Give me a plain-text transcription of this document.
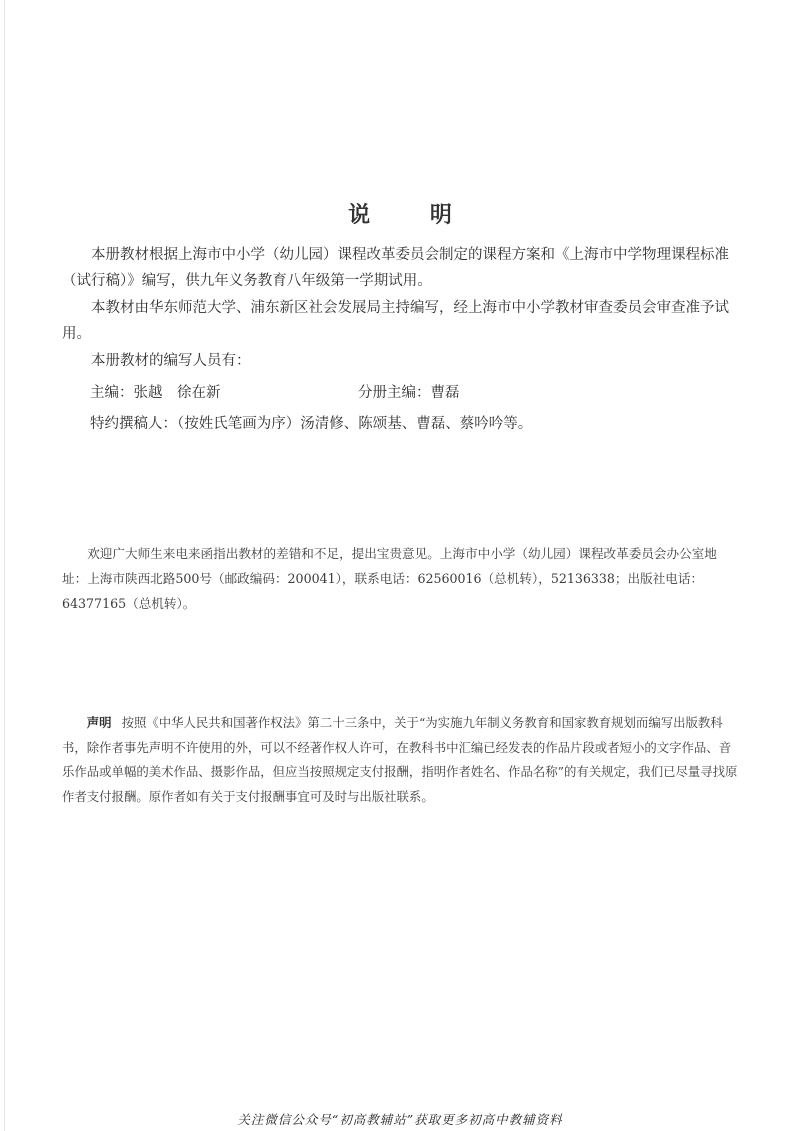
说 明

本册教材根据上海市中小学（幼儿园）课程改革委员会制定的课程方案和《上海市中学物理课程标准（试行稿）》编写，供九年义务教育八年级第一学期试用。

本教材由华东师范大学、浦东新区社会发展局主持编写，经上海市中小学教材审查委员会审查准予试用。

本册教材的编写人员有：

主编：张越　徐在新	分册主编：曹磊

特约撰稿人：（按姓氏笔画为序）汤清修、陈颂基、曹磊、蔡吟吟等。

欢迎广大师生来电来函指出教材的差错和不足，提出宝贵意见。上海市中小学（幼儿园）课程改革委员会办公室地址：上海市陕西北路500号（邮政编码：200041），联系电话：62560016（总机转），52136338；出版社电话：64377165（总机转）。

声明 按照《中华人民共和国著作权法》第二十三条中，关于“为实施九年制义务教育和国家教育规划而编写出版教科书，除作者事先声明不许使用的外，可以不经著作权人许可，在教科书中汇编已经发表的作品片段或者短小的文字作品、音乐作品或单幅的美术作品、摄影作品，但应当按照规定支付报酬，指明作者姓名、作品名称”的有关规定，我们已尽量寻找原作者支付报酬。原作者如有关于支付报酬事宜可及时与出版社联系。

关注微信公众号“初高教辅站”获取更多初高中教辅资料
